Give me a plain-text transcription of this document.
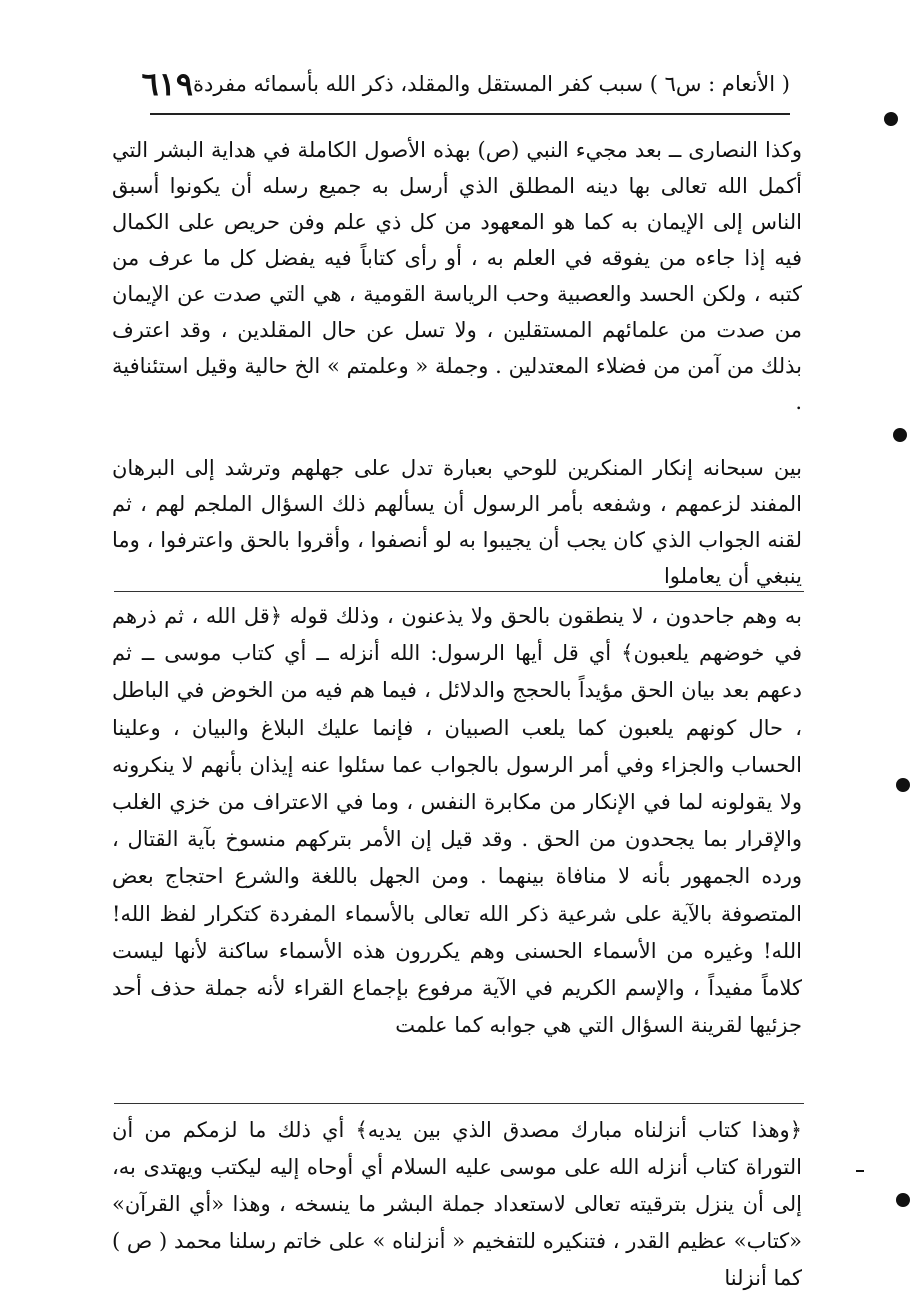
( الأنعام : س٦ ) سبب كفر المستقل والمقلد، ذكر الله بأسمائه مفردة
٦١٩
وكذا النصارى ــ بعد مجيء النبي (ص) بهذه الأصول الكاملة في هداية البشر التي أكمل الله تعالى بها دينه المطلق الذي أرسل به جميع رسله أن يكونوا أسبق الناس إلى الإيمان به كما هو المعهود من كل ذي علم وفن حريص على الكمال فيه إذا جاءه من يفوقه في العلم به ، أو رأى كتاباً فيه يفضل كل ما عرف من كتبه ، ولكن الحسد والعصبية وحب الرياسة القومية ، هي التي صدت عن الإيمان من صدت من علمائهم المستقلين ، ولا تسل عن حال المقلدين ، وقد اعترف بذلك من آمن من فضلاء المعتدلين . وجملة « وعلمتم » الخ حالية وقيل استئنافية .
بين سبحانه إنكار المنكرين للوحي بعبارة تدل على جهلهم وترشد إلى البرهان المفند لزعمهم ، وشفعه بأمر الرسول أن يسألهم ذلك السؤال الملجم لهم ، ثم لقنه الجواب الذي كان يجب أن يجيبوا به لو أنصفوا ، وأقروا بالحق واعترفوا ، وما ينبغي أن يعاملوا
به وهم جاحدون ، لا ينطقون بالحق ولا يذعنون ، وذلك قوله ﴿قل الله ، ثم ذرهم في خوضهم يلعبون﴾ أي قل أيها الرسول: الله أنزله ــ أي كتاب موسى ــ ثم دعهم بعد بيان الحق مؤيداً بالحجج والدلائل ، فيما هم فيه من الخوض في الباطل ، حال كونهم يلعبون كما يلعب الصبيان ، فإنما عليك البلاغ والبيان ، وعلينا الحساب والجزاء وفي أمر الرسول بالجواب عما سئلوا عنه إيذان بأنهم لا ينكرونه ولا يقولونه لما في الإنكار من مكابرة النفس ، وما في الاعتراف من خزي الغلب والإقرار بما يجحدون من الحق . وقد قيل إن الأمر بتركهم منسوخ بآية القتال ، ورده الجمهور بأنه لا منافاة بينهما . ومن الجهل باللغة والشرع احتجاج بعض المتصوفة بالآية على شرعية ذكر الله تعالى بالأسماء المفردة كتكرار لفظ الله! الله! وغيره من الأسماء الحسنى وهم يكررون هذه الأسماء ساكنة لأنها ليست كلاماً مفيداً ، والإسم الكريم في الآية مرفوع بإجماع القراء لأنه جملة حذف أحد جزئيها لقرينة السؤال التي هي جوابه كما علمت
﴿وهذا كتاب أنزلناه مبارك مصدق الذي بين يديه﴾ أي ذلك ما لزمكم من أن التوراة كتاب أنزله الله على موسى عليه السلام أي أوحاه إليه ليكتب ويهتدى به، إلى أن ينزل بترقيته تعالى لاستعداد جملة البشر ما ينسخه ، وهذا «أي القرآن» «كتاب» عظيم القدر ، فتنكيره للتفخيم « أنزلناه » على خاتم رسلنا محمد ( ص ) كما أنزلنا
